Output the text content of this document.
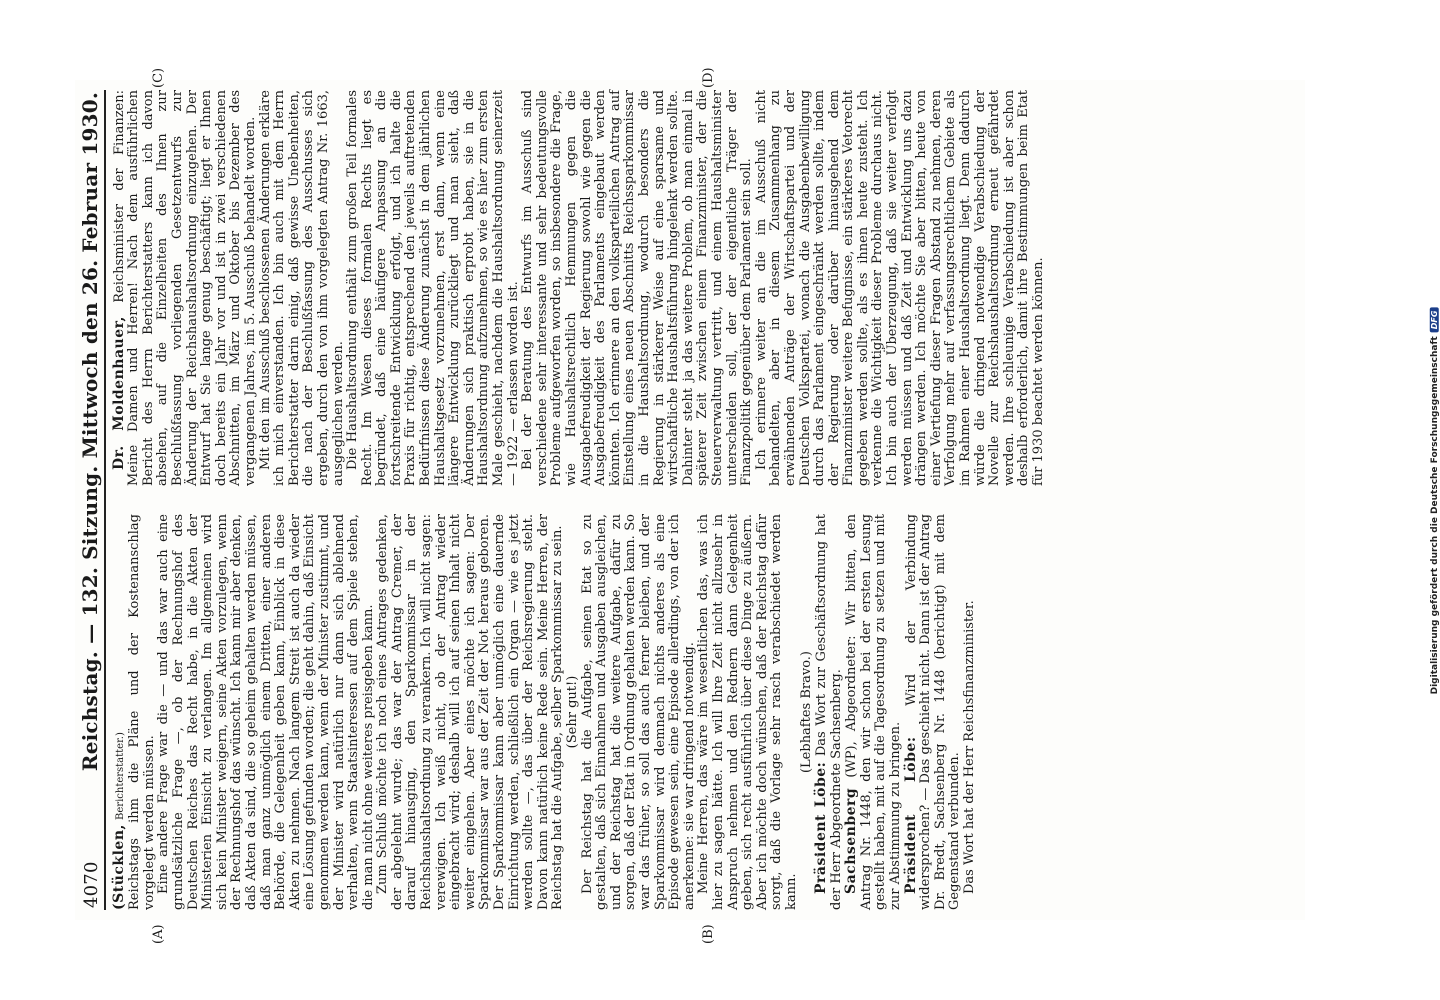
4070
Reichstag. — 132. Sitzung. Mittwoch den 26. Februar 1930.
(A)	(B)

(Stücklen, Berichterstatter.) Reichstags ihm die Pläne und der Kostenanschlag vorgelegt werden müssen. Eine andere Frage war die — und das war auch eine grundsätzliche Frage —, ob der Rechnungshof des Deutschen Reiches das Recht habe, in die Akten der Ministerien Einsicht zu verlangen. Im allgemeinen wird sich kein Minister weigern, seine Akten vorzulegen, wenn der Rechnungshof das wünscht. Ich kann mir aber denken, daß Akten da sind, die so geheim gehalten werden müssen, daß man ganz unmöglich einem Dritten, einer anderen Behörde, die Gelegenheit geben kann, Einblick in diese Akten zu nehmen. Nach langem Streit ist auch da wieder eine Lösung gefunden worden; die geht dahin, daß Einsicht genommen werden kann, wenn der Minister zustimmt, und der Minister wird natürlich nur dann sich ablehnend verhalten, wenn Staatsinteressen auf dem Spiele stehen, die man nicht ohne weiteres preisgeben kann. Zum Schluß möchte ich noch eines Antrages gedenken, der abgelehnt wurde; das war der Antrag Cremer, der darauf hinausging, den Sparkommissar in der Reichshaushaltsordnung zu verankern. Ich will nicht sagen: verewigen. Ich weiß nicht, ob der Antrag wieder eingebracht wird; deshalb will ich auf seinen Inhalt nicht weiter eingehen. Aber eines möchte ich sagen: Der Sparkommissar war aus der Zeit der Not heraus geboren. Der Sparkommissar kann aber unmöglich eine dauernde Einrichtung werden, schließlich ein Organ — wie es jetzt werden sollte —, das über der Reichsregierung steht. Davon kann natürlich keine Rede sein. Meine Herren, der Reichstag hat die Aufgabe, selber Sparkommissar zu sein. (Sehr gut!) Der Reichstag hat die Aufgabe, seinen Etat so zu gestalten, daß sich Einnahmen und Ausgaben ausgleichen, und der Reichstag hat die weitere Aufgabe, dafür zu sorgen, daß der Etat in Ordnung gehalten werden kann. So war das früher, so soll das auch ferner bleiben, und der Sparkommissar wird demnach nichts anderes als eine Episode gewesen sein, eine Episode allerdings, von der ich anerkenne: sie war dringend notwendig. Meine Herren, das wäre im wesentlichen das, was ich hier zu sagen hätte. Ich will Ihre Zeit nicht allzusehr in Anspruch nehmen und den Rednern dann Gelegenheit geben, sich recht ausführlich über diese Dinge zu äußern. Aber ich möchte doch wünschen, daß der Reichstag dafür sorgt, daß die Vorlage sehr rasch verabschiedet werden kann.

(Lebhaftes Bravo.)

Präsident Löbe: Das Wort zur Geschäftsordnung hat der Herr Abgeordnete Sachsenberg. Sachsenberg (WP), Abgeordneter: Wir bitten, den Antrag Nr. 1448, den wir schon bei der ersten Lesung gestellt haben, mit auf die Tagesordnung zu setzen und mit zur Abstimmung zu bringen. Präsident Löbe: Wird der Verbindung widersprochen? — Das geschieht nicht. Dann ist der Antrag Dr. Bredt, Sachsenberg Nr. 1448 (berichtigt) mit dem Gegenstand verbunden. Das Wort hat der Herr Reichsfinanzminister.

Dr. Moldenhauer, Reichsminister der Finanzen: Meine Damen und Herren! Nach dem ausführlichen Bericht des Herrn Berichterstatters kann ich davon absehen, auf die Einzelheiten des Ihnen zur Beschlußfassung vorliegenden Gesetzentwurfs zur Änderung der Reichshaushaltsordnung einzugehen. Der Entwurf hat Sie lange genug beschäftigt; liegt er Ihnen doch bereits ein Jahr vor und ist in zwei verschiedenen Abschnitten, im März und Oktober bis Dezember des vergangenen Jahres, im 5. Ausschuß behandelt worden. Mit den im Ausschuß beschlossenen Änderungen erkläre ich mich einverstanden. Ich bin auch mit dem Herrn Berichterstatter darin einig, daß gewisse Unebenheiten, die nach der Beschlußfassung des Ausschusses sich ergeben, durch den von ihm vorgelegten Antrag Nr. 1663, ausgeglichen werden. Die Haushaltsordnung enthält zum großen Teil formales Recht. Im Wesen dieses formalen Rechts liegt es begründet, daß eine häufigere Anpassung an die fortschreitende Entwicklung erfolgt, und ich halte die Praxis für richtig, entsprechend den jeweils auftretenden Bedürfnissen diese Änderung zunächst in dem jährlichen Haushaltsgesetz vorzunehmen, erst dann, wenn eine längere Entwicklung zurückliegt und man sieht, daß Änderungen sich praktisch erprobt haben, sie in die Haushaltsordnung aufzunehmen, so wie es hier zum ersten Male geschieht, nachdem die Haushaltsordnung seinerzeit — 1922 — erlassen worden ist. Bei der Beratung des Entwurfs im Ausschuß sind verschiedene sehr interessante und sehr bedeutungsvolle Probleme aufgeworfen worden, so insbesondere die Frage, wie Haushaltsrechtlich Hemmungen gegen die Ausgabefreudigkeit der Regierung sowohl wie gegen die Ausgabefreudigkeit des Parlaments eingebaut werden könnten. Ich erinnere an den volksparteilichen Antrag auf Einstellung eines neuen Abschnitts Reichssparkommissar in die Haushaltsordnung, wodurch besonders die Regierung in stärkerer Weise auf eine sparsame und wirtschaftliche Haushaltsführung hingelenkt werden sollte. Dahinter steht ja das weitere Problem, ob man einmal in späterer Zeit zwischen einem Finanzminister, der die Steuerverwaltung vertritt, und einem Haushaltsminister unterscheiden soll, der der eigentliche Träger der Finanzpolitik gegenüber dem Parlament sein soll. Ich erinnere weiter an die im Ausschuß nicht behandelten, aber in diesem Zusammenhang zu erwähnenden Anträge der Wirtschaftspartei und der Deutschen Volkspartei, wonach die Ausgabenbewilligung durch das Parlament eingeschränkt werden sollte, indem der Regierung oder darüber hinausgehend dem Finanzminister weitere Befugnisse, ein stärkeres Vetorecht gegeben werden sollte, als es ihnen heute zusteht. Ich verkenne die Wichtigkeit dieser Probleme durchaus nicht. Ich bin auch der Überzeugung, daß sie weiter verfolgt werden müssen und daß Zeit und Entwicklung uns dazu drängen werden. Ich möchte Sie aber bitten, heute von einer Vertiefung dieser Fragen Abstand zu nehmen, deren Verfolgung mehr auf verfassungsrechtlichem Gebiete als im Rahmen einer Haushaltsordnung liegt. Denn dadurch würde die dringend notwendige Verabschiedung der Novelle zur Reichshaushaltsordnung erneut gefährdet werden. Ihre schleunige Verabschiedung ist aber schon deshalb erforderlich, damit ihre Bestimmungen beim Etat für 1930 beachtet werden können.

(C)	(D)
Digitalisierung gefördert durch die Deutsche ForschungsgemeinschaftDFG
